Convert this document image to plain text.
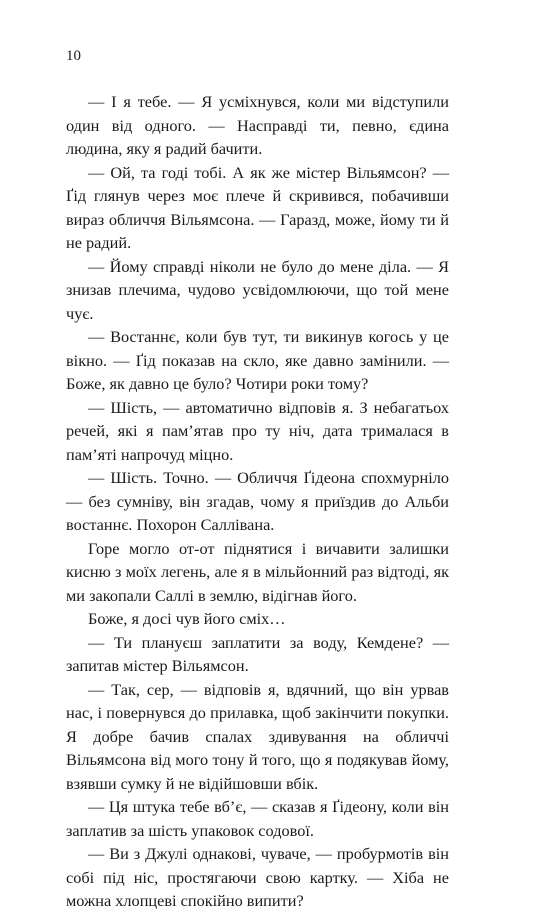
10

— І я тебе. — Я усміхнувся, коли ми відступили один від одного. — Насправді ти, певно, єдина людина, яку я радий бачити.

— Ой, та годі тобі. А як же містер Вільямсон? — Ґід глянув через моє плече й скривився, побачивши вираз обличчя Вільямсона. — Гаразд, може, йому ти й не радий.

— Йому справді ніколи не було до мене діла. — Я знизав плечима, чудово усвідомлюючи, що той мене чує.

— Востаннє, коли був тут, ти викинув когось у це вікно. — Ґід показав на скло, яке давно замінили. — Боже, як давно це було? Чотири роки тому?

— Шість, — автоматично відповів я. З небагатьох речей, які я пам’ятав про ту ніч, дата трималася в пам’яті напрочуд міцно.

— Шість. Точно. — Обличчя Ґідеона спохмурніло — без сумніву, він згадав, чому я приїздив до Альби востаннє. Похорон Саллівана.

Горе могло от-от піднятися і вичавити залишки кисню з моїх легень, але я в мільйонний раз відтоді, як ми закопали Саллі в землю, відігнав його.

Боже, я досі чув його сміх…

— Ти плануєш заплатити за воду, Кемдене? — запитав містер Вільямсон.

— Так, сер, — відповів я, вдячний, що він урвав нас, і повернувся до прилавка, щоб закінчити покупки. Я добре бачив спалах здивування на обличчі Вільямсона від мого тону й того, що я подякував йому, взявши сумку й не відійшовши вбік.

— Ця штука тебе вб’є, — сказав я Ґідеону, коли він заплатив за шість упаковок содової.

— Ви з Джулі однакові, чуваче, — пробурмотів він собі під ніс, простягаючи свою картку. — Хіба не можна хлопцеві спокійно випити?
